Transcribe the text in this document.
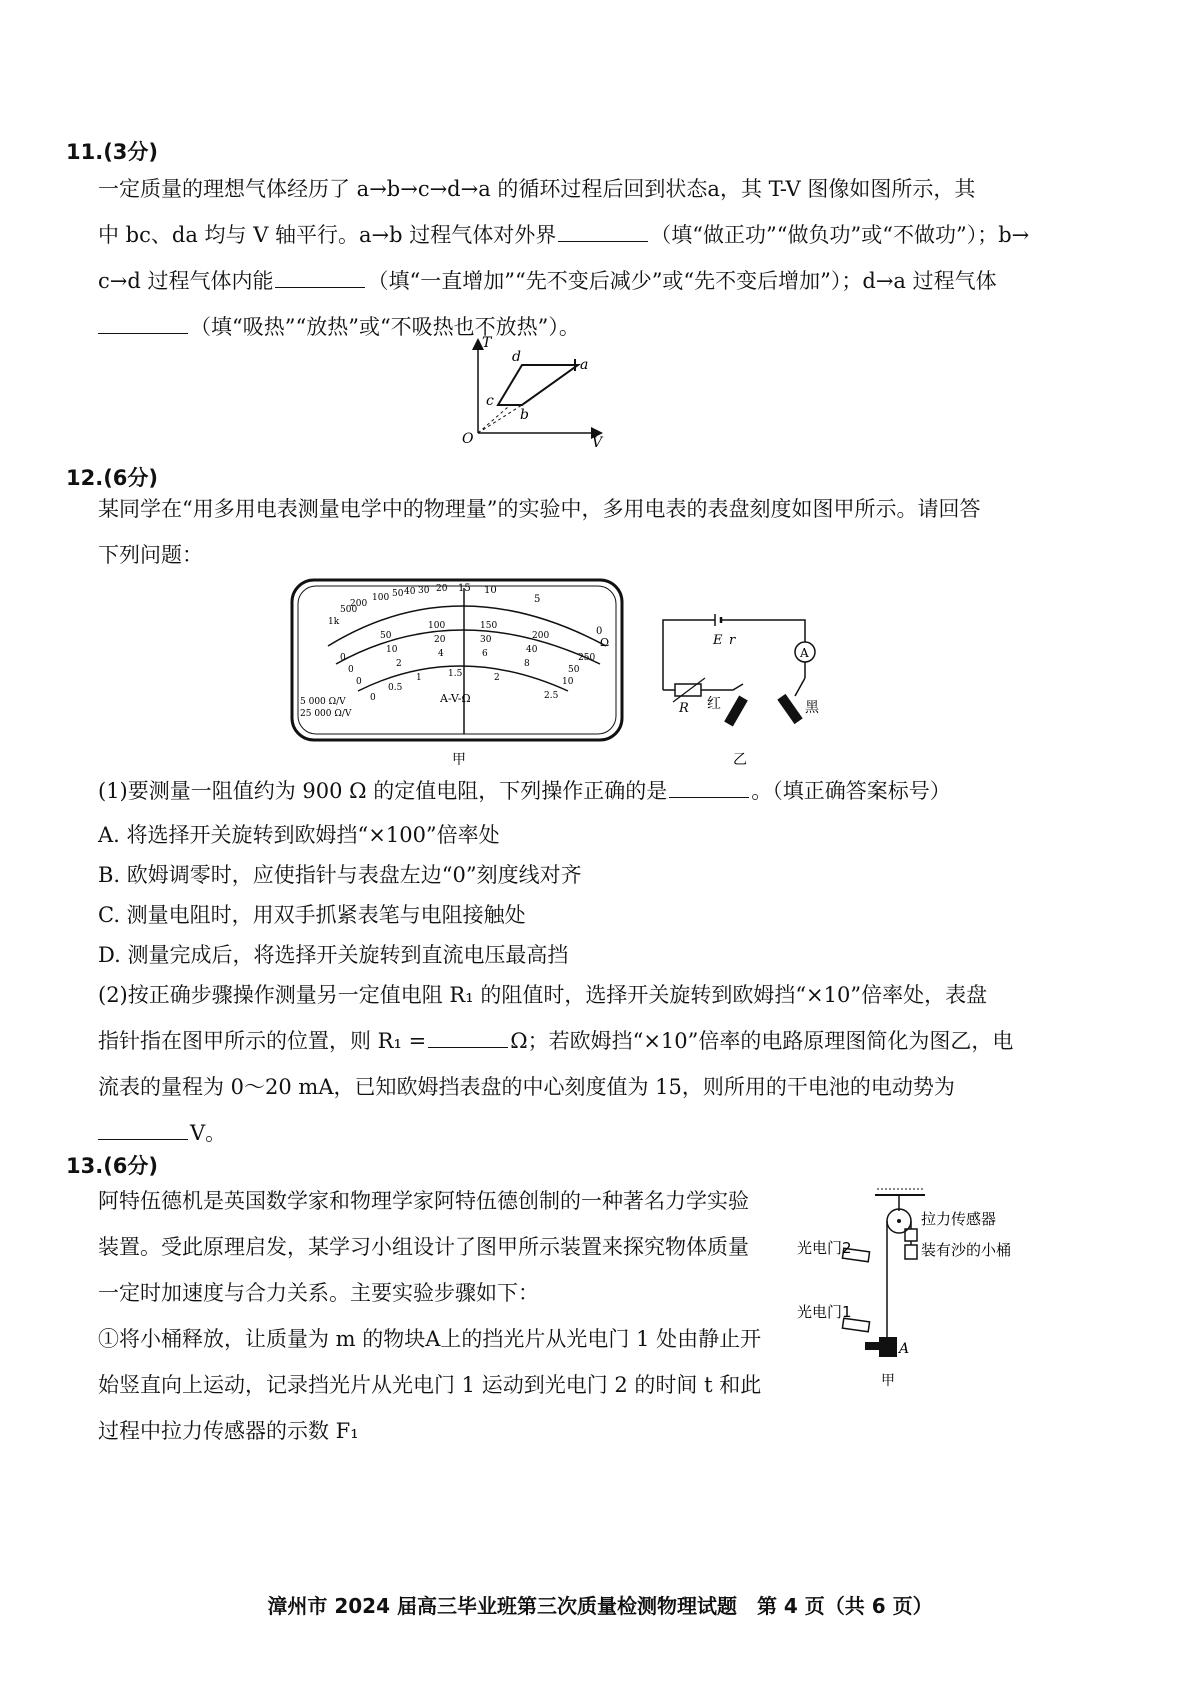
11.(3分)
一定质量的理想气体经历了 a→b→c→d→a 的循环过程后回到状态a，其 T-V 图像如图所示，其
中 bc、da 均与 V 轴平行。a→b 过程气体对外界	（填“做正功”“做负功”或“不做功”）；b→
c→d 过程气体内能	（填“一直增加”“先不变后减少”或“先不变后增加”）；d→a 过程气体
（填“吸热”“放热”或“不吸热也不放热”）。
T
V
O
a
b
c
d
12.(6分)
某同学在“用多用电表测量电学中的物理量”的实验中，多用电表的表盘刻度如图甲所示。请回答
下列问题：
1k
500
200
100 50 40 30 20 15 10
5
0
Ω
0
50
100	150
200
250
0
10
20	30
40
50
0
2
4	6
8
10
0
0.5
1	1.5	2
2.5
A-V-Ω
5 000 Ω/V
25 000 Ω/V
甲
A
E r
R 红	黑
乙
(1)要测量一阻值约为 900 Ω 的定值电阻，下列操作正确的是	。（填正确答案标号）
A. 将选择开关旋转到欧姆挡“×100”倍率处
B. 欧姆调零时，应使指针与表盘左边“0”刻度线对齐
C. 测量电阻时，用双手抓紧表笔与电阻接触处
D. 测量完成后，将选择开关旋转到直流电压最高挡
(2)按正确步骤操作测量另一定值电阻 R₁ 的阻值时，选择开关旋转到欧姆挡“×10”倍率处，表盘
指针指在图甲所示的位置，则 R₁ =	Ω；若欧姆挡“×10”倍率的电路原理图简化为图乙，电
流表的量程为 0～20 mA，已知欧姆挡表盘的中心刻度值为 15，则所用的干电池的电动势为
V。
13.(6分)
阿特伍德机是英国数学家和物理学家阿特伍德创制的一种著名力学实验
装置。受此原理启发，某学习小组设计了图甲所示装置来探究物体质量
一定时加速度与合力关系。主要实验步骤如下：
①将小桶释放，让质量为 m 的物块A上的挡光片从光电门 1 处由静止开
始竖直向上运动，记录挡光片从光电门 1 运动到光电门 2 的时间 t 和此
过程中拉力传感器的示数 F₁
拉力传感器
装有沙的小桶
光电门2
光电门1
A
甲
漳州市 2024 届高三毕业班第三次质量检测物理试题　第 4 页（共 6 页）
